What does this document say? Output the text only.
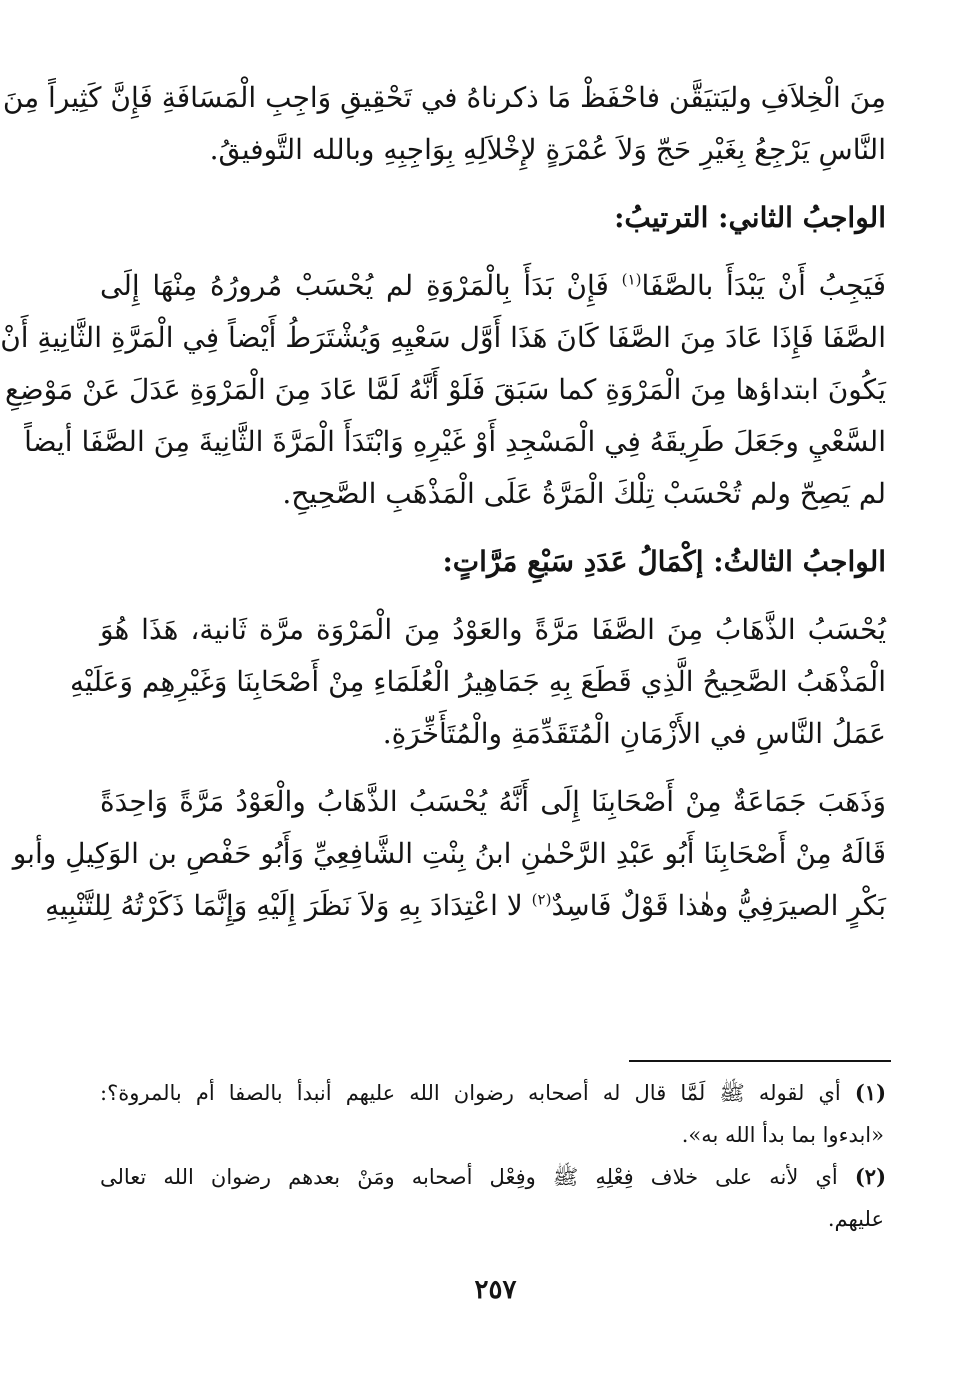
مِنَ الْخِلاَفِ وليَتيَقَّن فاحْفَظْ مَا ذكرناهُ في تَحْقِيقِ وَاجِبِ الْمَسَافَةِ فَإِنَّ كَثِيراً مِنَ
النَّاسِ يَرْجِعُ بِغَيْرِ حَجّ وَلاَ عُمْرَةٍ لإِخْلاَلِهِ بِوَاجِبِهِ وبالله التَّوفيقُ.
الواجبُ الثاني: الترتيبُ:
فَيَجِبُ أَنْ يَبْدَأَ بالصَّفَا$^{(١)}$ فَإِنْ بَدَأَ بِالْمَرْوَةِ لم يُحْسَبْ مُرورُهُ مِنْهَا إِلَى
الصَّفَا فَإِذَا عَادَ مِنَ الصَّفَا كَانَ هَذَا أَوَّل سَعْيِهِ وَيُشْتَرَطُ أَيْضاً فِي الْمَرَّةِ الثَّانِيةِ أَنْ
يَكُونَ ابتداؤها مِنَ الْمَرْوَةِ كما سَبَقَ فَلَوْ أَنَّهُ لَمَّا عَادَ مِنَ الْمَرْوَةِ عَدَلَ عَنْ مَوْضِعِ
السَّعْيِ وجَعَلَ طَرِيقَهُ فِي الْمَسْجِدِ أَوْ غَيْرِهِ وَابْتَدَأَ الْمَرَّةَ الثَّانِيةَ مِنَ الصَّفَا أيضاً
لم يَصِحّ ولم تُحْسَبْ تِلْكَ الْمَرَّةُ عَلَى الْمَذْهَبِ الصَّحِيحِ.
الواجبُ الثالثُ: إكْمَالُ عَدَدِ سَبْعِ مَرَّاتٍ:
يُحْسَبُ الذَّهَابُ مِنَ الصَّفَا مَرَّةً والعَوْدُ مِنَ الْمَرْوَة مرَّة ثَانية، هَذَا هُوَ
الْمَذْهَبُ الصَّحِيحُ الَّذِي قَطَعَ بِهِ جَمَاهِيرُ الْعُلَمَاءِ مِنْ أَصْحَابِنَا وَغَيْرِهِم وَعَلَيْهِ
عَمَلُ النَّاسِ في الأَزْمَانِ الْمُتَقَدِّمَةِ والْمُتَأَخِّرَةِ.
وَذَهَبَ جَمَاعَةٌ مِنْ أَصْحَابِنَا إِلَى أَنَّهُ يُحْسَبُ الذَّهَابُ والْعَوْدُ مَرَّةً وَاحِدَةً
قَالَهُ مِنْ أَصْحَابِنَا أَبُو عَبْدِ الرَّحْمٰنِ ابنُ بِنْتِ الشَّافِعِيِّ وَأَبُو حَفْصِ بن الوَكِيلِ وأبو
بَكْرٍ الصيرَفِيُّ وهٰذا قَوْلٌ فَاسِدٌ$^{(٢)}$ لا اعْتِدَادَ بِهِ وَلاَ نَظَرَ إِلَيْهِ وَإِنَّمَا ذَكَرْتُهُ لِلتَّنْبِيهِ
(١) أي لقوله ﷺ لَمَّا قال له أصحابه رضوان الله عليهم أنبدأ بالصفا أم بالمروة؟:
«ابدءوا بما بدأ الله به».
(٢) أي لأنه على خلاف فِعْلِهِ ﷺ وفِعْل أصحابه ومَنْ بعدهم رضوان الله تعالى
عليهم.
٢٥٧
